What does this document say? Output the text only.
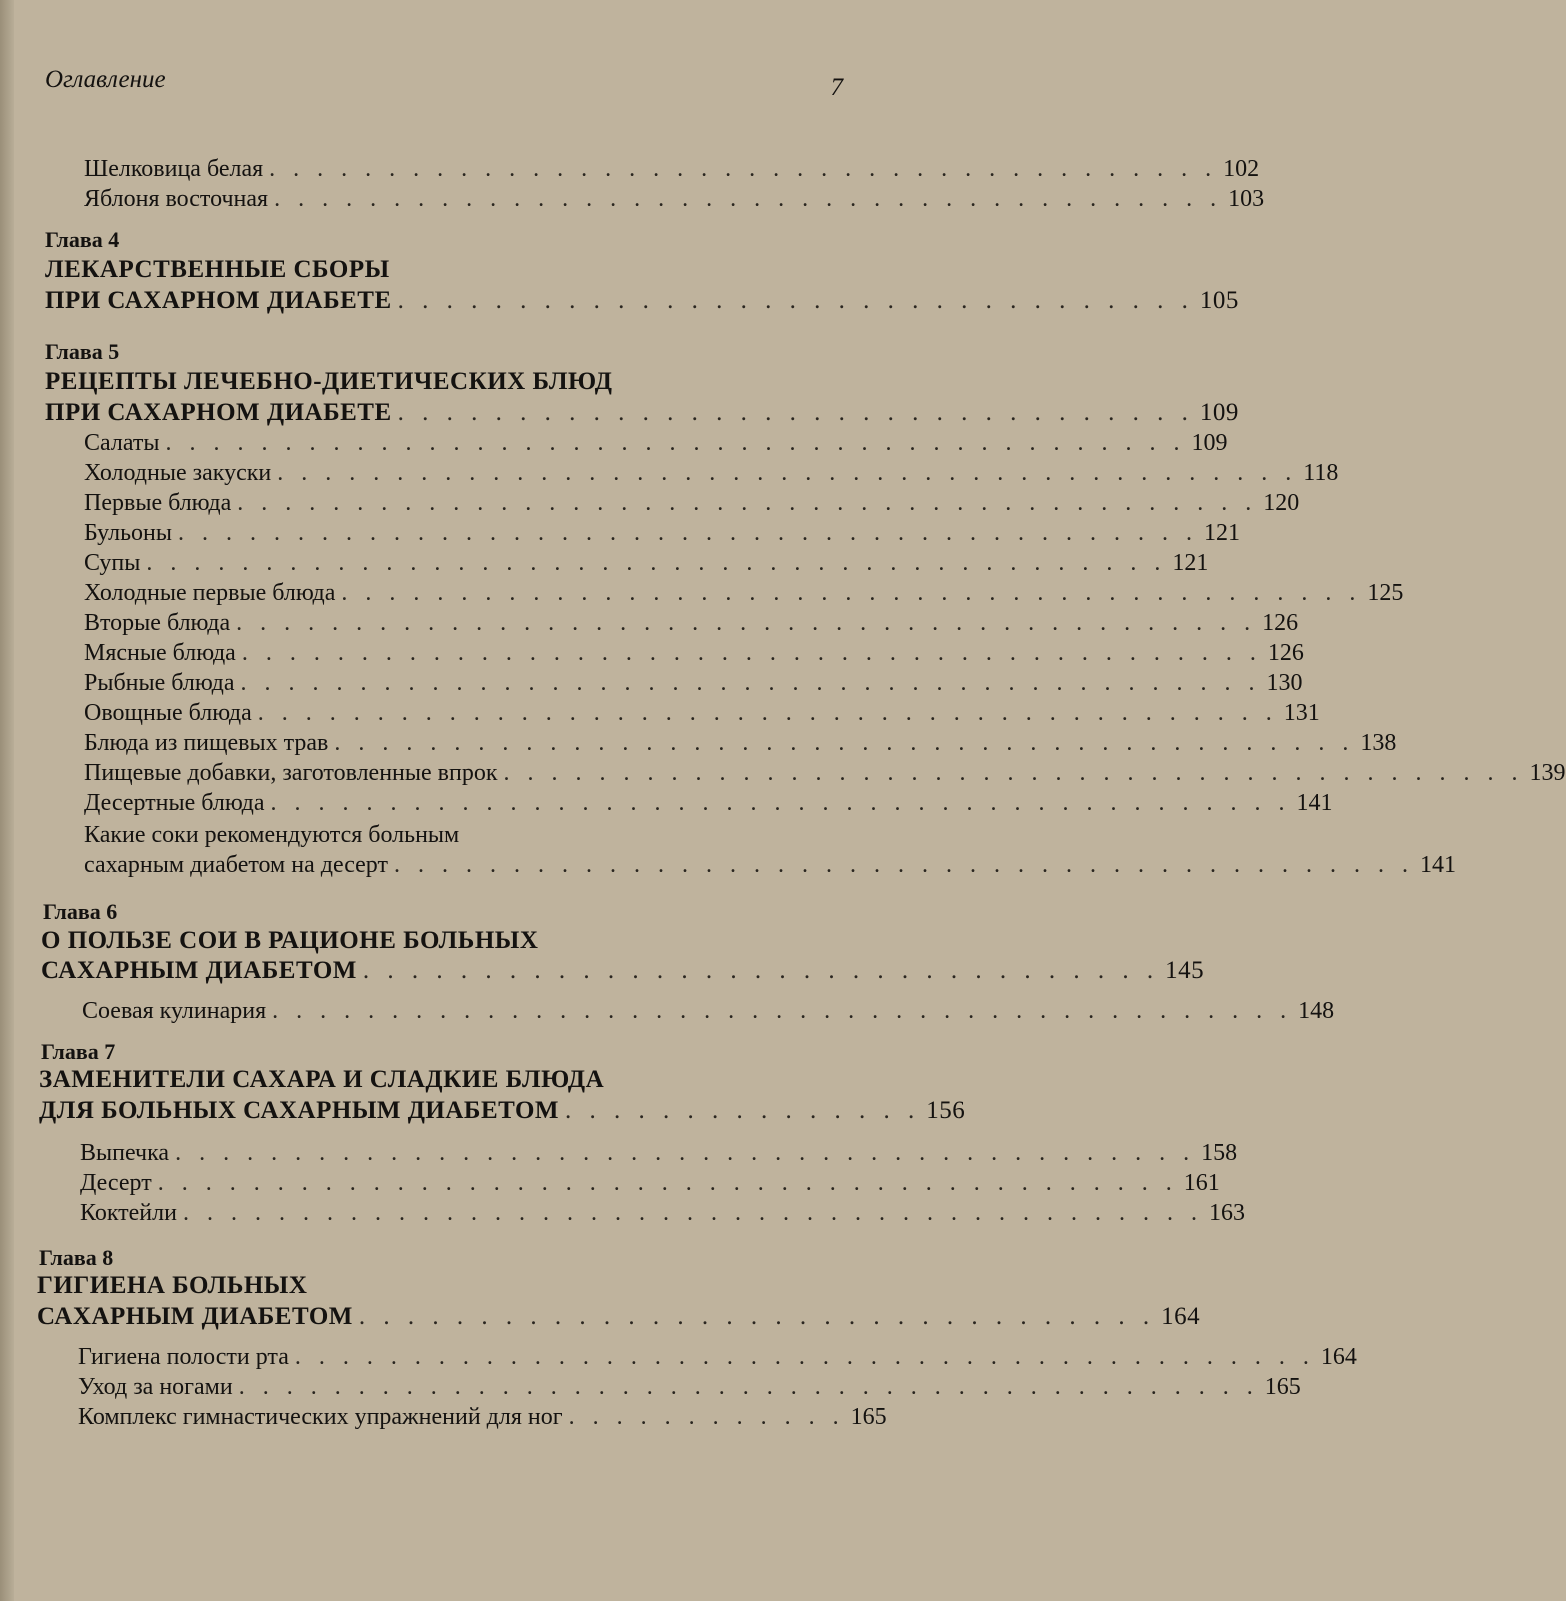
Оглавление	7
Шелковица белая . . . . . . . . . . . . . . . . . . . . . . . . . . . . . . . . . . . . . . . . 102
Яблоня восточная . . . . . . . . . . . . . . . . . . . . . . . . . . . . . . . . . . . . . . . . 103
Глава 4
ЛЕКАРСТВЕННЫЕ СБОРЫ
ПРИ САХАРНОМ ДИАБЕТЕ . . . . . . . . . . . . . . . . . . . . . . . . . . . . . . . . . 105
Глава 5
РЕЦЕПТЫ ЛЕЧЕБНО-ДИЕТИЧЕСКИХ БЛЮД
ПРИ САХАРНОМ ДИАБЕТЕ . . . . . . . . . . . . . . . . . . . . . . . . . . . . . . . . . 109
Салаты . . . . . . . . . . . . . . . . . . . . . . . . . . . . . . . . . . . . . . . . . . . 109
Холодные закуски . . . . . . . . . . . . . . . . . . . . . . . . . . . . . . . . . . . . . . . . . . . 118
Первые блюда . . . . . . . . . . . . . . . . . . . . . . . . . . . . . . . . . . . . . . . . . . . 120
Бульоны . . . . . . . . . . . . . . . . . . . . . . . . . . . . . . . . . . . . . . . . . . . 121
Супы . . . . . . . . . . . . . . . . . . . . . . . . . . . . . . . . . . . . . . . . . . . 121
Холодные первые блюда . . . . . . . . . . . . . . . . . . . . . . . . . . . . . . . . . . . . . . . . . . . 125
Вторые блюда . . . . . . . . . . . . . . . . . . . . . . . . . . . . . . . . . . . . . . . . . . . 126
Мясные блюда . . . . . . . . . . . . . . . . . . . . . . . . . . . . . . . . . . . . . . . . . . . 126
Рыбные блюда . . . . . . . . . . . . . . . . . . . . . . . . . . . . . . . . . . . . . . . . . . . 130
Овощные блюда . . . . . . . . . . . . . . . . . . . . . . . . . . . . . . . . . . . . . . . . . . . 131
Блюда из пищевых трав . . . . . . . . . . . . . . . . . . . . . . . . . . . . . . . . . . . . . . . . . . . 138
Пищевые добавки, заготовленные впрок . . . . . . . . . . . . . . . . . . . . . . . . . . . . . . . . . . . . . . . . . . . 139
Десертные блюда . . . . . . . . . . . . . . . . . . . . . . . . . . . . . . . . . . . . . . . . . . . 141
Какие соки рекомендуются больным
сахарным диабетом на десерт . . . . . . . . . . . . . . . . . . . . . . . . . . . . . . . . . . . . . . . . . . . 141
Глава 6
О ПОЛЬЗЕ СОИ В РАЦИОНЕ БОЛЬНЫХ
САХАРНЫМ ДИАБЕТОМ . . . . . . . . . . . . . . . . . . . . . . . . . . . . . . . . . 145
Соевая кулинария . . . . . . . . . . . . . . . . . . . . . . . . . . . . . . . . . . . . . . . . . . . 148
Глава 7
ЗАМЕНИТЕЛИ САХАРА И СЛАДКИЕ БЛЮДА
ДЛЯ БОЛЬНЫХ САХАРНЫМ ДИАБЕТОМ . . . . . . . . . . . . . . . 156
Выпечка . . . . . . . . . . . . . . . . . . . . . . . . . . . . . . . . . . . . . . . . . . . 158
Десерт . . . . . . . . . . . . . . . . . . . . . . . . . . . . . . . . . . . . . . . . . . . 161
Коктейли . . . . . . . . . . . . . . . . . . . . . . . . . . . . . . . . . . . . . . . . . . . 163
Глава 8
ГИГИЕНА БОЛЬНЫХ
САХАРНЫМ ДИАБЕТОМ . . . . . . . . . . . . . . . . . . . . . . . . . . . . . . . . . 164
Гигиена полости рта . . . . . . . . . . . . . . . . . . . . . . . . . . . . . . . . . . . . . . . . . . . 164
Уход за ногами . . . . . . . . . . . . . . . . . . . . . . . . . . . . . . . . . . . . . . . . . . . 165
Комплекс гимнастических упражнений для ног . . . . . . . . . . . . 165
